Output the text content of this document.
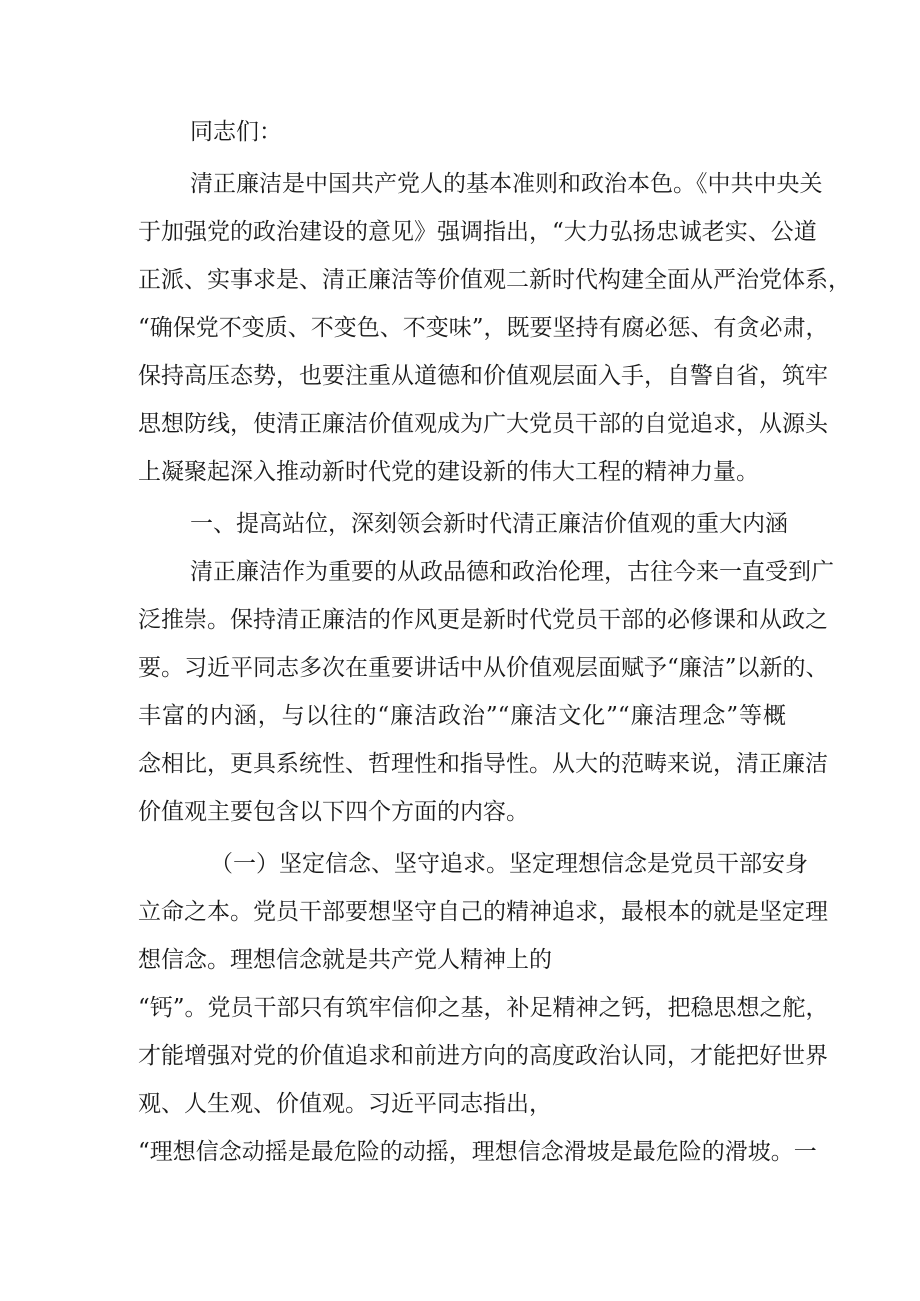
同志们：
清正廉洁是中国共产党人的基本准则和政治本色。《中共中央关
于加强党的政治建设的意见》强调指出，“大力弘扬忠诚老实、公道
正派、实事求是、清正廉洁等价值观二新时代构建全面从严治党体系，
“确保党不变质、不变色、不变味”，既要坚持有腐必惩、有贪必肃，
保持高压态势，也要注重从道德和价值观层面入手，自警自省，筑牢
思想防线，使清正廉洁价值观成为广大党员干部的自觉追求，从源头
上凝聚起深入推动新时代党的建设新的伟大工程的精神力量。
一、提高站位，深刻领会新时代清正廉洁价值观的重大内涵
清正廉洁作为重要的从政品德和政治伦理，古往今来一直受到广
泛推崇。保持清正廉洁的作风更是新时代党员干部的必修课和从政之
要。习近平同志多次在重要讲话中从价值观层面赋予“廉洁”以新的、
丰富的内涵，与以往的“廉洁政治”“廉洁文化”“廉洁理念”等概
念相比，更具系统性、哲理性和指导性。从大的范畴来说，清正廉洁
价值观主要包含以下四个方面的内容。
（一）坚定信念、坚守追求。坚定理想信念是党员干部安身
立命之本。党员干部要想坚守自己的精神追求，最根本的就是坚定理
想信念。理想信念就是共产党人精神上的
“钙”。党员干部只有筑牢信仰之基，补足精神之钙，把稳思想之舵，
才能增强对党的价值追求和前进方向的高度政治认同，才能把好世界
观、人生观、价值观。习近平同志指出，
“理想信念动摇是最危险的动摇，理想信念滑坡是最危险的滑坡。一
